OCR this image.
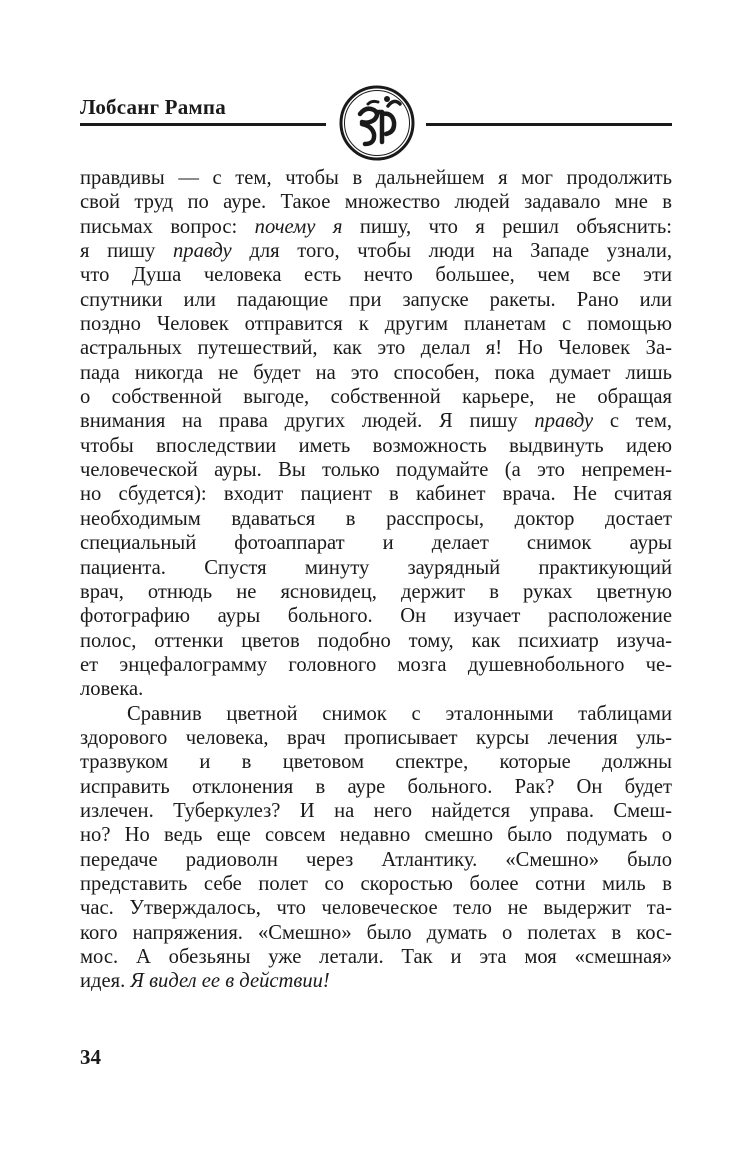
Лобсанг Рампа
правдивы — с тем, чтобы в дальнейшем я мог продолжить
свой труд по ауре. Такое множество людей задавало мне в
письмах вопрос: почему я пишу, что я решил объяснить:
я пишу правду для того, чтобы люди на Западе узнали,
что Душа человека есть нечто большее, чем все эти
спутники или падающие при запуске ракеты. Рано или
поздно Человек отправится к другим планетам с помощью
астральных путешествий, как это делал я! Но Человек За-
пада никогда не будет на это способен, пока думает лишь
о собственной выгоде, собственной карьере, не обращая
внимания на права других людей. Я пишу правду с тем,
чтобы впоследствии иметь возможность выдвинуть идею
человеческой ауры. Вы только подумайте (а это непремен-
но сбудется): входит пациент в кабинет врача. Не считая
необходимым вдаваться в расспросы, доктор достает
специальный фотоаппарат и делает снимок ауры
пациента. Спустя минуту заурядный практикующий
врач, отнюдь не ясновидец, держит в руках цветную
фотографию ауры больного. Он изучает расположение
полос, оттенки цветов подобно тому, как психиатр изуча-
ет энцефалограмму головного мозга душевнобольного че-
ловека.
Сравнив цветной снимок с эталонными таблицами
здорового человека, врач прописывает курсы лечения уль-
тразвуком и в цветовом спектре, которые должны
исправить отклонения в ауре больного. Рак? Он будет
излечен. Туберкулез? И на него найдется управа. Смеш-
но? Но ведь еще совсем недавно смешно было подумать о
передаче радиоволн через Атлантику. «Смешно» было
представить себе полет со скоростью более сотни миль в
час. Утверждалось, что человеческое тело не выдержит та-
кого напряжения. «Смешно» было думать о полетах в кос-
мос. А обезьяны уже летали. Так и эта моя «смешная»
идея. Я видел ее в действии!
34
